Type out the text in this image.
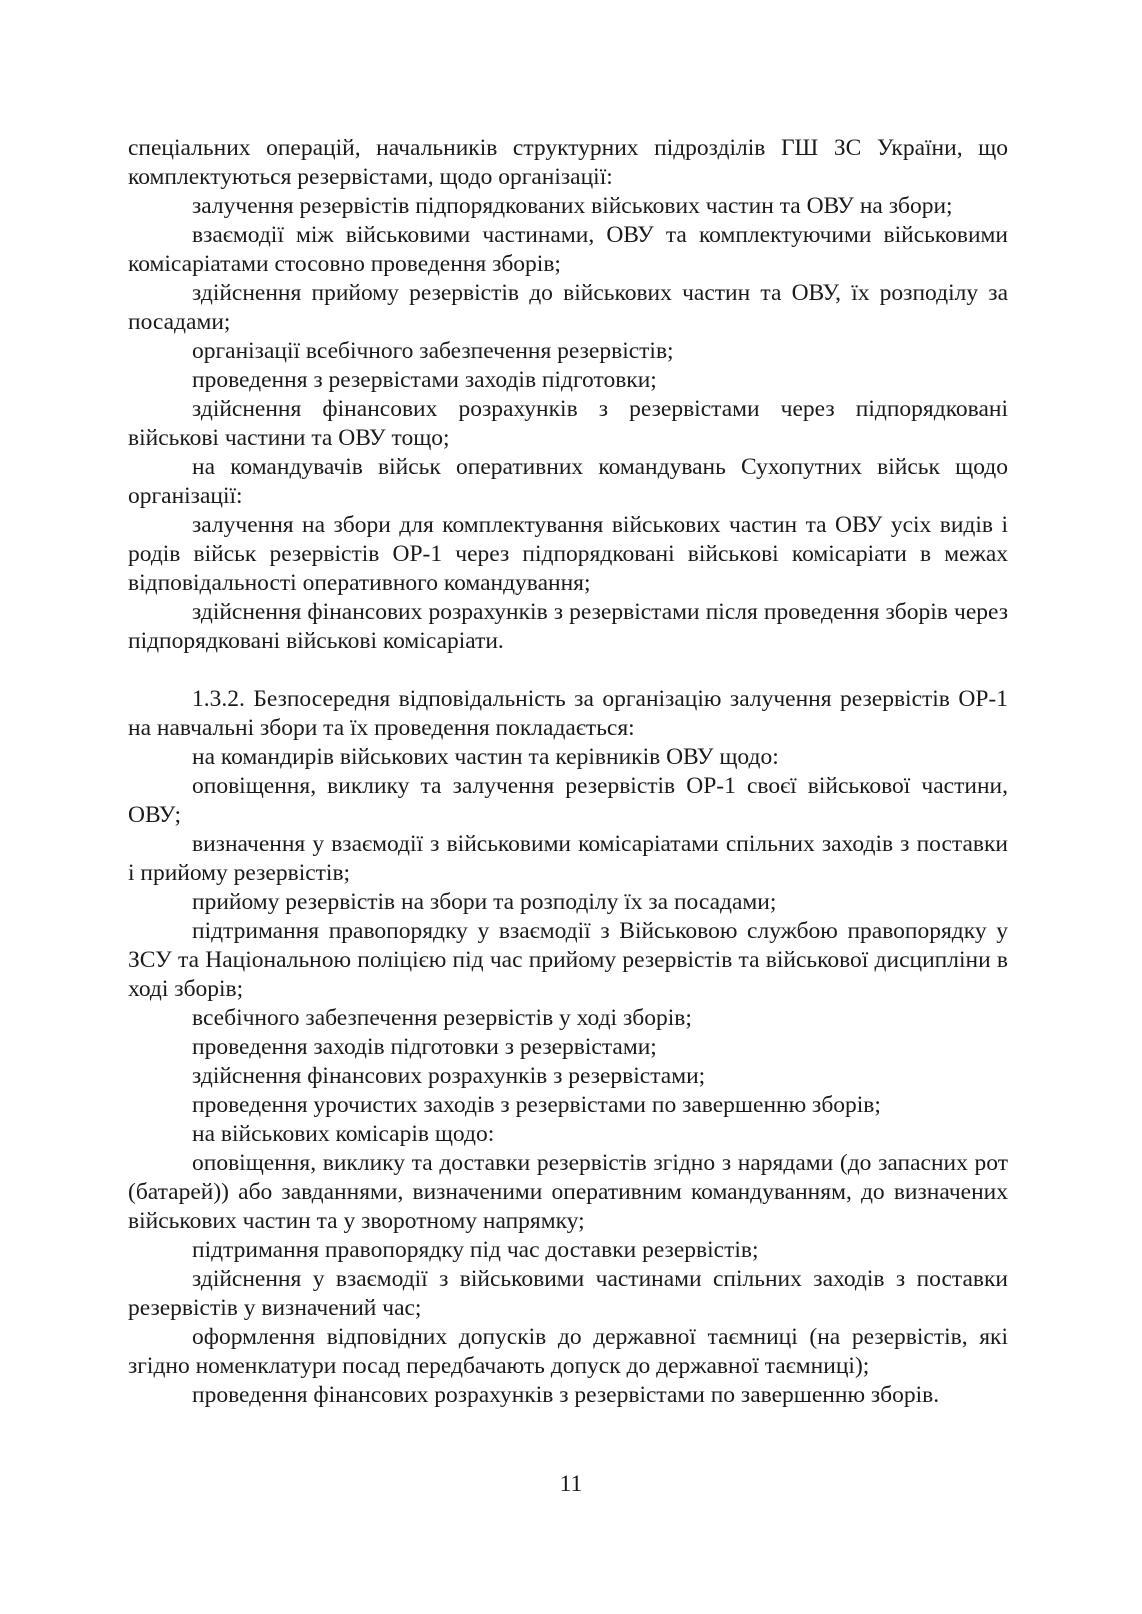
спеціальних операцій, начальників структурних підрозділів ГШ ЗС України, що комплектуються резервістами, щодо організації:

залучення резервістів підпорядкованих військових частин та ОВУ на збори;

взаємодії між військовими частинами, ОВУ та комплектуючими військовими комісаріатами стосовно проведення зборів;

здійснення прийому резервістів до військових частин та ОВУ, їх розподілу за посадами;

організації всебічного забезпечення резервістів;

проведення з резервістами заходів підготовки;

здійснення фінансових розрахунків з резервістами через підпорядковані військові частини та ОВУ тощо;

на командувачів військ оперативних командувань Сухопутних військ щодо організації:

залучення на збори для комплектування військових частин та ОВУ усіх видів і родів військ резервістів ОР-1 через підпорядковані військові комісаріати в межах відповідальності оперативного командування;

здійснення фінансових розрахунків з резервістами після проведення зборів через підпорядковані військові комісаріати.

1.3.2. Безпосередня відповідальність за організацію залучення резервістів ОР-1 на навчальні збори та їх проведення покладається:

на командирів військових частин та керівників ОВУ щодо:

оповіщення, виклику та залучення резервістів ОР-1 своєї військової частини, ОВУ;

визначення у взаємодії з військовими комісаріатами спільних заходів з поставки і прийому резервістів;

прийому резервістів на збори та розподілу їх за посадами;

підтримання правопорядку у взаємодії з Військовою службою правопорядку у ЗСУ та Національною поліцією під час прийому резервістів та військової дисципліни в ході зборів;

всебічного забезпечення резервістів у ході зборів;

проведення заходів підготовки з резервістами;

здійснення фінансових розрахунків з резервістами;

проведення урочистих заходів з резервістами по завершенню зборів;

на військових комісарів щодо:

оповіщення, виклику та доставки резервістів згідно з нарядами (до запасних рот (батарей)) або завданнями, визначеними оперативним командуванням, до визначених військових частин та у зворотному напрямку;

підтримання правопорядку під час доставки резервістів;

здійснення у взаємодії з військовими частинами спільних заходів з поставки резервістів у визначений час;

оформлення відповідних допусків до державної таємниці (на резервістів, які згідно номенклатури посад передбачають допуск до державної таємниці);

проведення фінансових розрахунків з резервістами по завершенню зборів.

11
